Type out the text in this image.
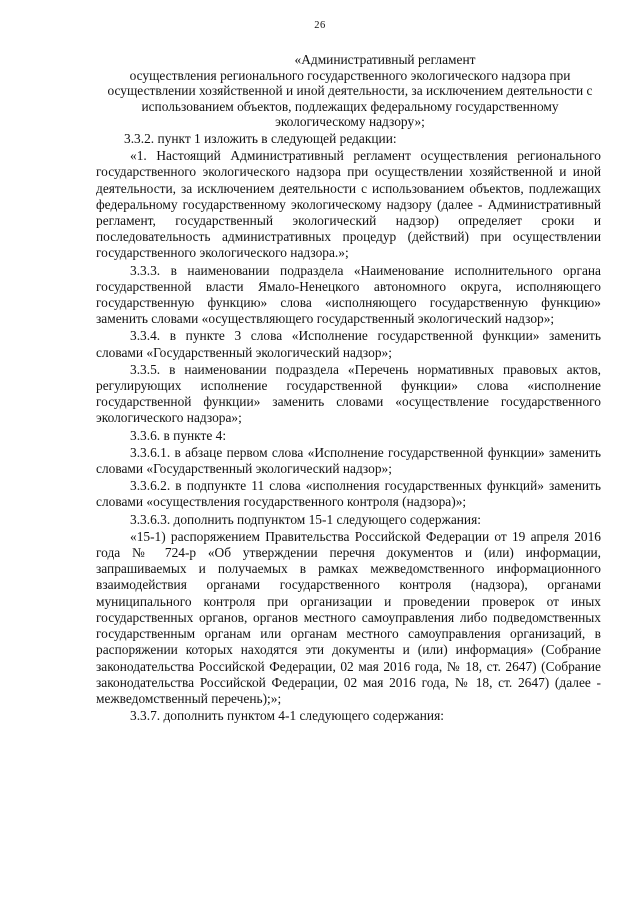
26
«Административный регламент
осуществления регионального государственного экологического надзора при осуществлении хозяйственной и иной деятельности, за исключением деятельности с использованием объектов, подлежащих федеральному государственному экологическому надзору»;

3.3.2. пункт 1 изложить в следующей редакции:

«1. Настоящий Административный регламент осуществления регионального государственного экологического надзора при осуществлении хозяйственной и иной деятельности, за исключением деятельности с использованием объектов, подлежащих федеральному государственному экологическому надзору (далее - Административный регламент, государственный экологический надзор) определяет сроки и последовательность административных процедур (действий) при осуществлении государственного экологического надзора.»;

3.3.3. в наименовании подраздела «Наименование исполнительного органа государственной власти Ямало-Ненецкого автономного округа, исполняющего государственную функцию» слова «исполняющего государственную функцию» заменить словами «осуществляющего государственный экологический надзор»;

3.3.4. в пункте 3 слова «Исполнение государственной функции» заменить словами «Государственный экологический надзор»;

3.3.5. в наименовании подраздела «Перечень нормативных правовых актов, регулирующих исполнение государственной функции» слова «исполнение государственной функции» заменить словами «осуществление государственного экологического надзора»;

3.3.6. в пункте 4:

3.3.6.1. в абзаце первом слова «Исполнение государственной функции» заменить словами «Государственный экологический надзор»;

3.3.6.2. в подпункте 11 слова «исполнения государственных функций» заменить словами «осуществления государственного контроля (надзора)»;

3.3.6.3. дополнить подпунктом 15-1 следующего содержания:

«15-1) распоряжением Правительства Российской Федерации от 19 апреля 2016 года № 724-р «Об утверждении перечня документов и (или) информации, запрашиваемых и получаемых в рамках межведомственного информационного взаимодействия органами государственного контроля (надзора), органами муниципального контроля при организации и проведении проверок от иных государственных органов, органов местного самоуправления либо подведомственных государственным органам или органам местного самоуправления организаций, в распоряжении которых находятся эти документы и (или) информация» (Собрание законодательства Российской Федерации, 02 мая 2016 года, № 18, ст. 2647) (Собрание законодательства Российской Федерации, 02 мая 2016 года, № 18, ст. 2647) (далее - межведомственный перечень);»;

3.3.7. дополнить пунктом 4-1 следующего содержания:
